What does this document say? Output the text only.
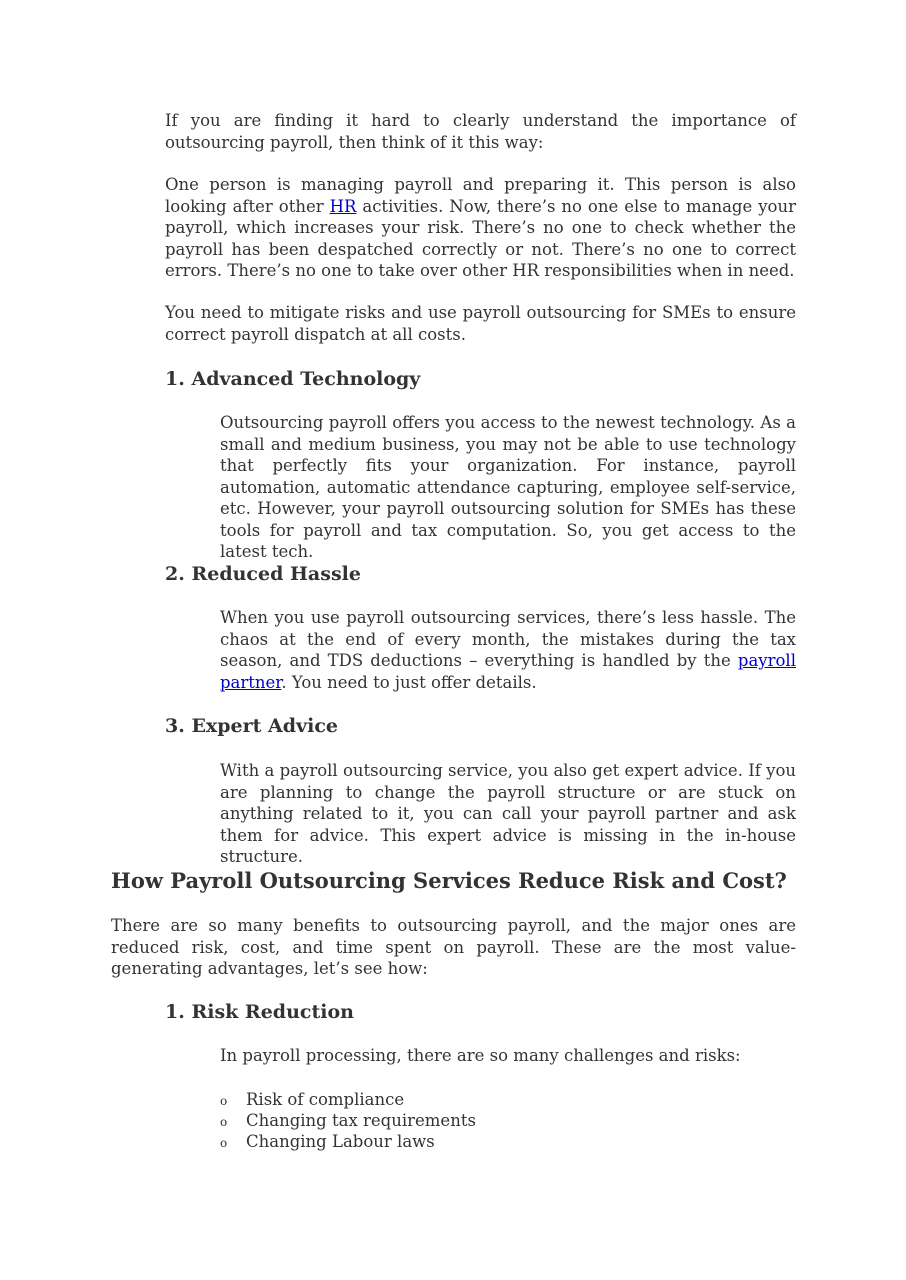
If you are finding it hard to clearly understand the importance of outsourcing payroll, then think of it this way:

One person is managing payroll and preparing it. This person is also looking after other HR activities. Now, there’s no one else to manage your payroll, which increases your risk. There’s no one to check whether the payroll has been despatched correctly or not. There’s no one to correct errors. There’s no one to take over other HR responsibilities when in need.

You need to mitigate risks and use payroll outsourcing for SMEs to ensure correct payroll dispatch at all costs.

1. Advanced Technology

Outsourcing payroll offers you access to the newest technology. As a small and medium business, you may not be able to use technology that perfectly fits your organization. For instance, payroll automation, automatic attendance capturing, employee self-service, etc. However, your payroll outsourcing solution for SMEs has these tools for payroll and tax computation. So, you get access to the latest tech.

2. Reduced Hassle

When you use payroll outsourcing services, there’s less hassle. The chaos at the end of every month, the mistakes during the tax season, and TDS deductions – everything is handled by the payroll partner. You need to just offer details.

3. Expert Advice

With a payroll outsourcing service, you also get expert advice. If you are planning to change the payroll structure or are stuck on anything related to it, you can call your payroll partner and ask them for advice. This expert advice is missing in the in-house structure.

How Payroll Outsourcing Services Reduce Risk and Cost?

There are so many benefits to outsourcing payroll, and the major ones are reduced risk, cost, and time spent on payroll. These are the most value-generating advantages, let’s see how:

1. Risk Reduction

In payroll processing, there are so many challenges and risks:

o Risk of compliance
o Changing tax requirements
o Changing Labour laws
